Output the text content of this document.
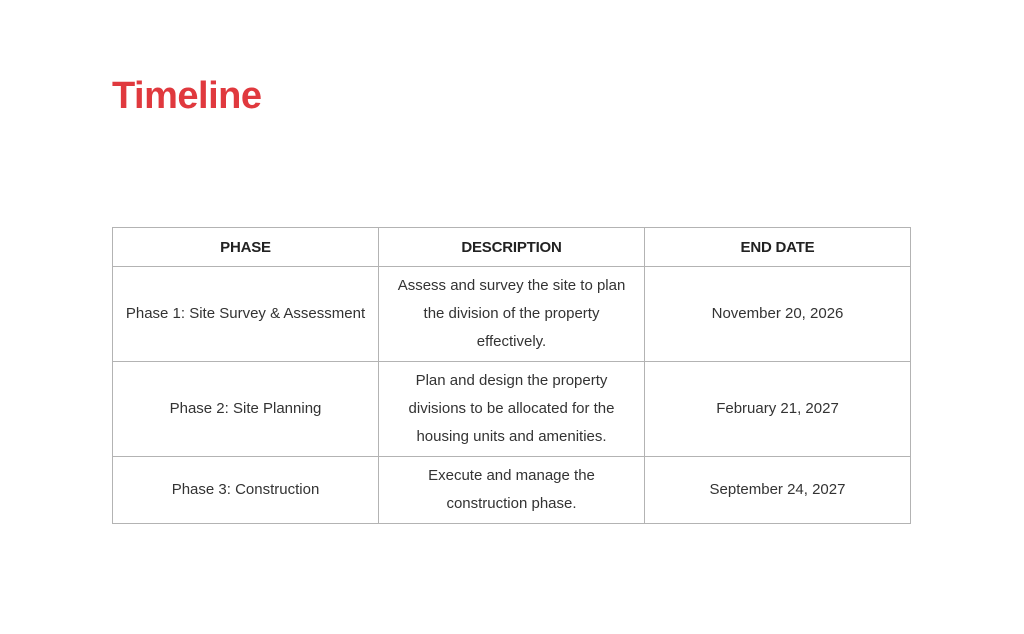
Timeline
PHASE	DESCRIPTION	END DATE
Phase 1: Site Survey & Assessment	Assess and survey the site to plan the division of the property effectively.	November 20, 2026
Phase 2: Site Planning	Plan and design the property divisions to be allocated for the housing units and amenities.	February 21, 2027
Phase 3: Construction	Execute and manage the construction phase.	September 24, 2027
